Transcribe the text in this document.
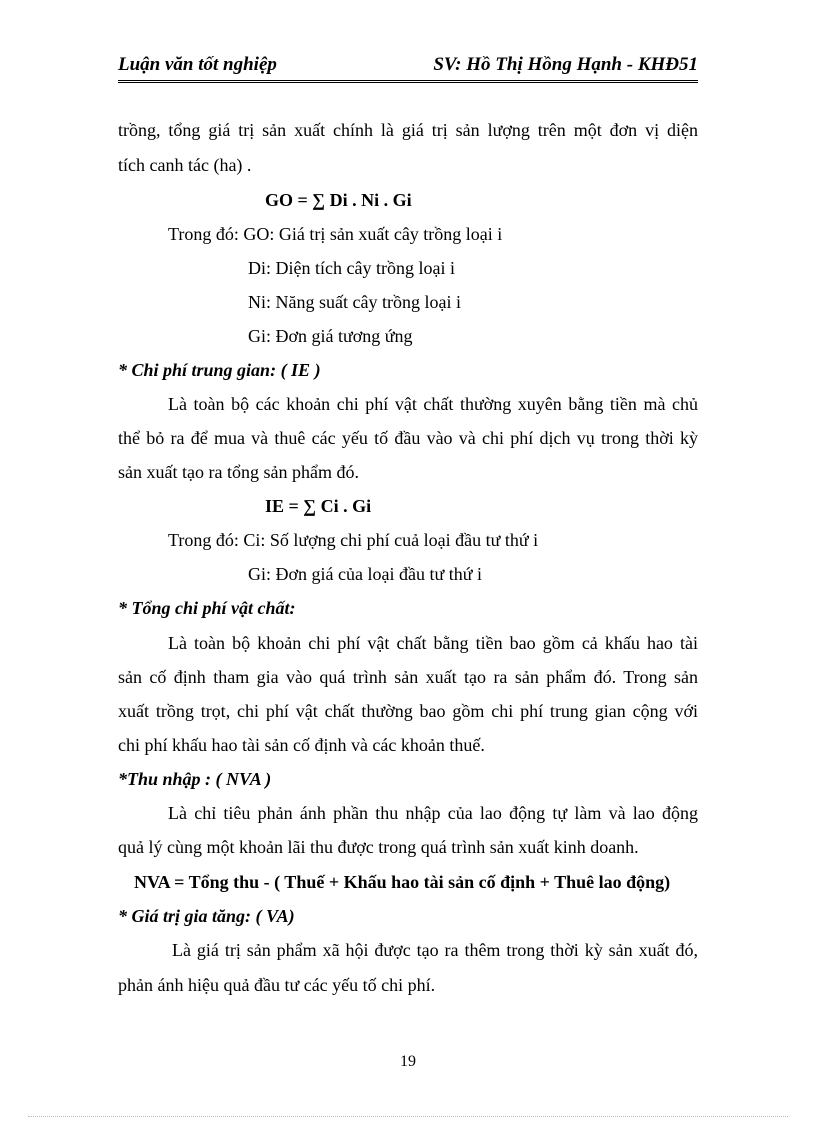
Luận văn tốt nghiệp	SV: Hồ Thị Hồng Hạnh - KHĐ51
trồng, tổng giá trị sản xuất chính là giá trị sản lượng trên một đơn vị diện
tích canh tác (ha) .
GO = ∑ Di . Ni . Gi
Trong đó: GO: Giá trị sản xuất cây trồng loại i
Di: Diện tích cây trồng loại i
Ni: Năng suất cây trồng loại i
Gi: Đơn giá tương ứng
* Chi phí trung gian: ( IE )
Là toàn bộ các khoản chi phí vật chất thường xuyên bằng tiền mà chủ
thể bỏ ra để mua và thuê các yếu tố đầu vào và chi phí dịch vụ trong thời kỳ
sản xuất tạo ra tổng sản phẩm đó.
IE = ∑ Ci . Gi
Trong đó: Ci: Số lượng chi phí cuả loại đầu tư thứ i
Gi: Đơn giá của loại đầu tư thứ i
* Tổng chi phí vật chất:
Là toàn bộ khoản chi phí vật chất bằng tiền bao gồm cả khấu hao tài
sản cố định tham gia vào quá trình sản xuất tạo ra sản phẩm đó. Trong sản
xuất trồng trọt, chi phí vật chất thường bao gồm chi phí trung gian cộng với
chi phí khấu hao tài sản cố định và các khoản thuế.
*Thu nhập : ( NVA )
Là chỉ tiêu phản ánh phần thu nhập của lao động tự làm và lao động
quả lý cùng một khoản lãi thu được trong quá trình sản xuất kinh doanh.
NVA = Tổng thu - ( Thuế + Khấu hao tài sản cố định + Thuê lao động)
* Giá trị gia tăng: ( VA)
Là giá trị sản phẩm xã hội được tạo ra thêm trong thời kỳ sản xuất đó,
phản ánh hiệu quả đầu tư các yếu tố chi phí.
19
